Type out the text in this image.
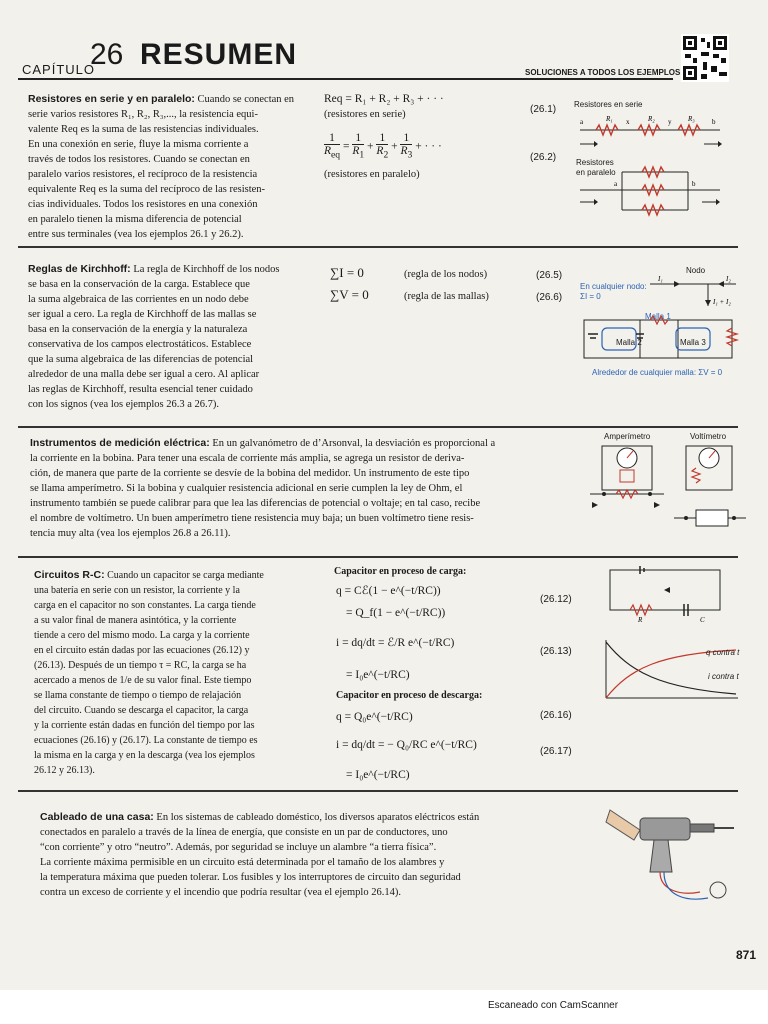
CAPÍTULO
26 RESUMEN
SOLUCIONES A TODOS LOS EJEMPLOS
Resistores en serie y en paralelo: Cuando se conectan en
serie varios resistores R₁, R₂, R₃,..., la resistencia equi-
valente Req es la suma de las resistencias individuales.
En una conexión en serie, fluye la misma corriente a
través de todos los resistores. Cuando se conectan en
paralelo varios resistores, el recíproco de la resistencia
equivalente Req es la suma del recíproco de las resisten-
cias individuales. Todos los resistores en una conexión
en paralelo tienen la misma diferencia de potencial
entre sus terminales (vea los ejemplos 26.1 y 26.2).
Req = R₁ + R₂ + R₃ + · · ·
(resistores en serie)	(26.1)
$\frac{1}{R_{eq}} = \frac{1}{R_1} + \frac{1}{R_2} + \frac{1}{R_3}$ + · · ·
(resistores en paralelo)
(26.2)
Resistores en serie
Resistores
en paralelo
R₁	R₂	R₃
a	x	y	b
a	b
Reglas de Kirchhoff: La regla de Kirchhoff de los nodos
se basa en la conservación de la carga. Establece que
la suma algebraica de las corrientes en un nodo debe
ser igual a cero. La regla de Kirchhoff de las mallas se
basa en la conservación de la energía y la naturaleza
conservativa de los campos electrostáticos. Establece
que la suma algebraica de las diferencias de potencial
alrededor de una malla debe ser igual a cero. Al aplicar
las reglas de Kirchhoff, resulta esencial tener cuidado
con los signos (vea los ejemplos 26.3 a 26.7).
∑I = 0	(regla de los nodos)	(26.5)
∑V = 0	(regla de las mallas)	(26.6)
Nodo
En cualquier nodo:
ΣI = 0
Malla 1
Malla 2	Malla 3
Alrededor de cualquier malla: ΣV = 0
I₁	I₂
I₁ + I₂
Instrumentos de medición eléctrica: En un galvanómetro de d’Arsonval, la desviación es proporcional a
la corriente en la bobina. Para tener una escala de corriente más amplia, se agrega un resistor de deriva-
ción, de manera que parte de la corriente se desvíe de la bobina del medidor. Un instrumento de este tipo
se llama amperímetro. Si la bobina y cualquier resistencia adicional en serie cumplen la ley de Ohm, el
instrumento también se puede calibrar para que lea las diferencias de potencial o voltaje; en tal caso, recibe
el nombre de voltímetro. Un buen amperímetro tiene resistencia muy baja; un buen voltímetro tiene resis-
tencia muy alta (vea los ejemplos 26.8 a 26.11).
Amperímetro	Voltímetro
Circuitos R-C: Cuando un capacitor se carga mediante
una batería en serie con un resistor, la corriente y la
carga en el capacitor no son constantes. La carga tiende
a su valor final de manera asintótica, y la corriente
tiende a cero del mismo modo. La carga y la corriente
en el circuito están dadas por las ecuaciones (26.12) y
(26.13). Después de un tiempo τ = RC, la carga se ha
acercado a menos de 1/e de su valor final. Este tiempo
se llama constante de tiempo o tiempo de relajación
del circuito. Cuando se descarga el capacitor, la carga
y la corriente están dadas en función del tiempo por las
ecuaciones (26.16) y (26.17). La constante de tiempo es
la misma en la carga y en la descarga (vea los ejemplos
26.12 y 26.13).
Capacitor en proceso de carga:
q = Cℰ(1 − e^(−t/RC))
= Q_f(1 − e^(−t/RC))
(26.12)
i = dq/dt = ℰ/R e^(−t/RC)
= I₀e^(−t/RC)
(26.13)
Capacitor en proceso de descarga:
q = Q₀e^(−t/RC)	(26.16)
i = dq/dt = − Q₀/RC e^(−t/RC)
= I₀e^(−t/RC)
(26.17)
R	C
q contra t
i contra t
Cableado de una casa: En los sistemas de cableado doméstico, los diversos aparatos eléctricos están
conectados en paralelo a través de la línea de energía, que consiste en un par de conductores, uno
“con corriente” y otro “neutro”. Además, por seguridad se incluye un alambre “a tierra física”.
La corriente máxima permisible en un circuito está determinada por el tamaño de los alambres y
la temperatura máxima que pueden tolerar. Los fusibles y los interruptores de circuito dan seguridad
contra un exceso de corriente y el incendio que podría resultar (vea el ejemplo 26.14).
871
Escaneado con CamScanner
